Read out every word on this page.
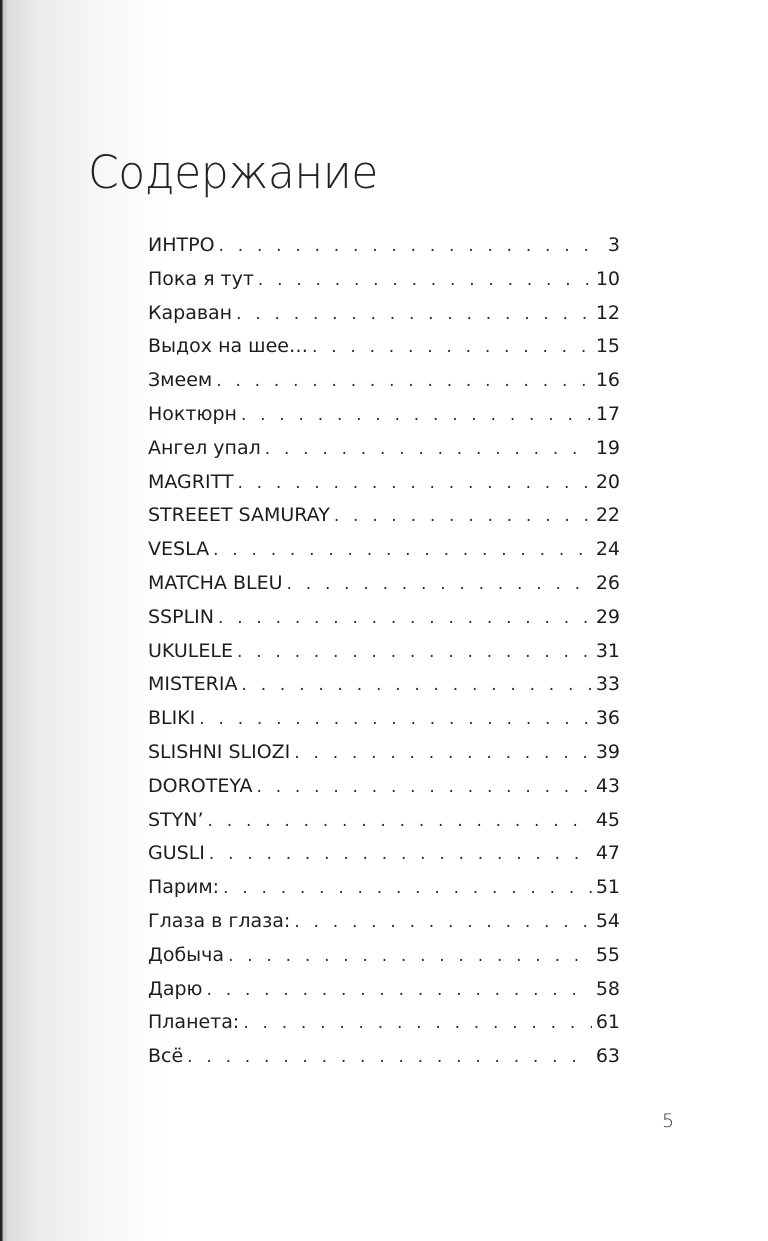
Содержание
ИНТРО . . .	3
Пока я тут . . .	10
Караван . . .	12
Выдох на шее… . . .	15
Змеем . . .	16
Ноктюрн . . .	17
Ангел упал . . .	19
MAGRITT . . .	20
STREEET SAMURAY . . .	22
VESLA . . .	24
MATCHA BLEU . . .	26
SSPLIN . . .	29
UKULELE . . .	31
MISTERIA . . .	33
BLIKI . . .	36
SLISHNI SLIOZI . . .	39
DOROTEYA . . .	43
STYN’ . . .	45
GUSLI . . .	47
Парим: . . .	51
Глаза в глаза: . . .	54
Добыча . . .	55
Дарю . . .	58
Планета: . . .	61
Всё . . .	63
5
